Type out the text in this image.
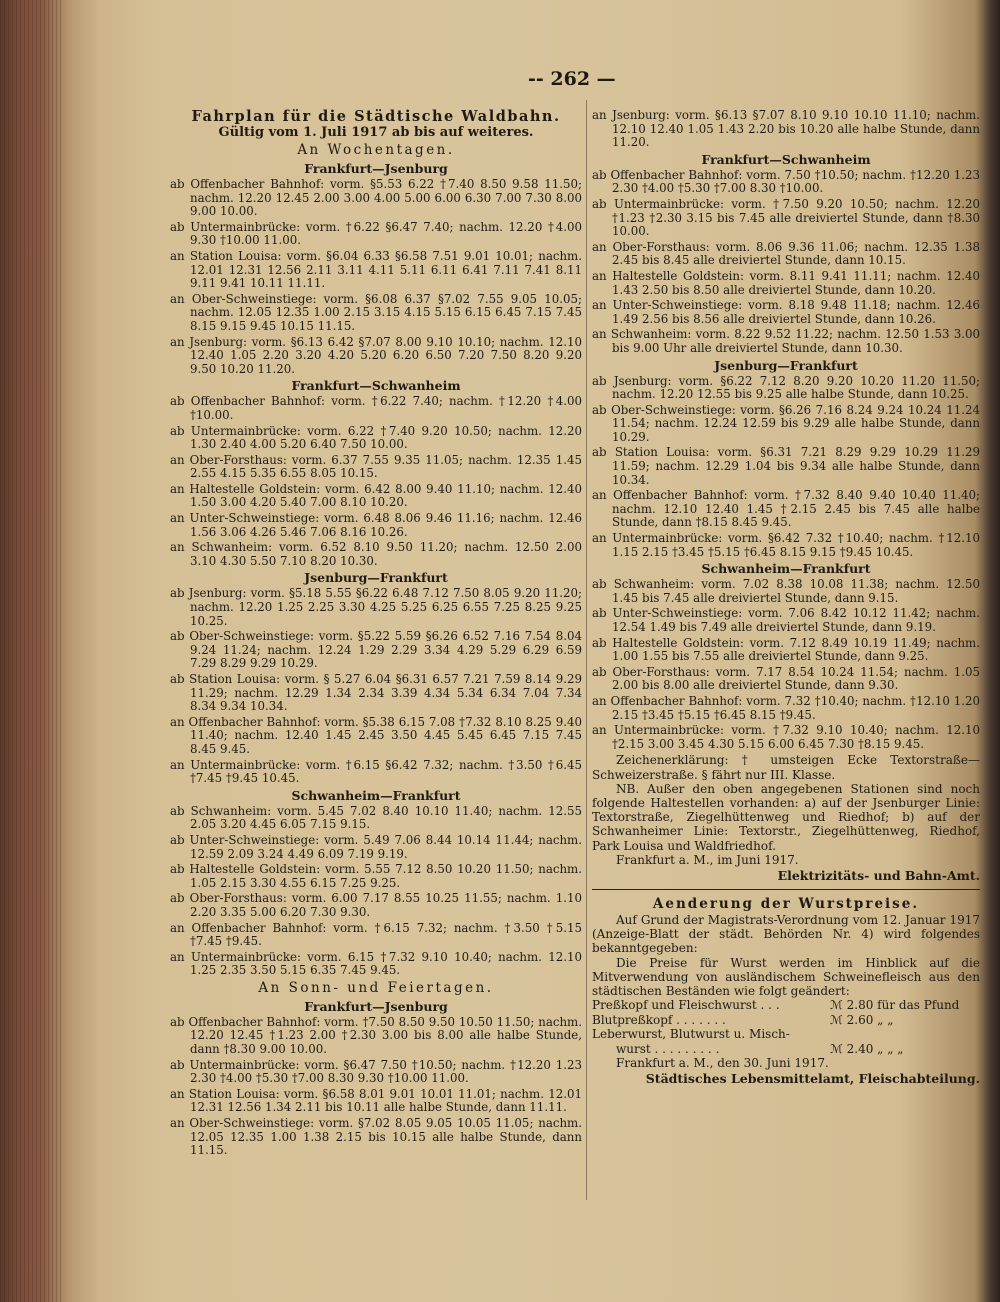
-- 262 —
Fahrplan für die Städtische Waldbahn.
Gültig vom 1. Juli 1917 ab bis auf weiteres.
An Wochentagen.
Frankfurt—Jsenburg

ab Offenbacher Bahnhof: vorm. §5.53 6.22 †7.40 8.50 9.58 11.50; nachm. 12.20 12.45 2.00 3.00 4.00 5.00 6.00 6.30 7.00 7.30 8.00 9.00 10.00.

ab Untermainbrücke: vorm. †6.22 §6.47 7.40; nachm. 12.20 †4.00 9.30 †10.00 11.00.

an Station Louisa: vorm. §6.04 6.33 §6.58 7.51 9.01 10.01; nachm. 12.01 12.31 12.56 2.11 3.11 4.11 5.11 6.11 6.41 7.11 7.41 8.11 9.11 9.41 10.11 11.11.

an Ober-Schweinstiege: vorm. §6.08 6.37 §7.02 7.55 9.05 10.05; nachm. 12.05 12.35 1.00 2.15 3.15 4.15 5.15 6.15 6.45 7.15 7.45 8.15 9.15 9.45 10.15 11.15.

an Jsenburg: vorm. §6.13 6.42 §7.07 8.00 9.10 10.10; nachm. 12.10 12.40 1.05 2.20 3.20 4.20 5.20 6.20 6.50 7.20 7.50 8.20 9.20 9.50 10.20 11.20.

Frankfurt—Schwanheim

ab Offenbacher Bahnhof: vorm. †6.22 7.40; nachm. †12.20 †4.00 †10.00.

ab Untermainbrücke: vorm. 6.22 †7.40 9.20 10.50; nachm. 12.20 1.30 2.40 4.00 5.20 6.40 7.50 10.00.

an Ober-Forsthaus: vorm. 6.37 7.55 9.35 11.05; nachm. 12.35 1.45 2.55 4.15 5.35 6.55 8.05 10.15.

an Haltestelle Goldstein: vorm. 6.42 8.00 9.40 11.10; nachm. 12.40 1.50 3.00 4.20 5.40 7.00 8.10 10.20.

an Unter-Schweinstiege: vorm. 6.48 8.06 9.46 11.16; nachm. 12.46 1.56 3.06 4.26 5.46 7.06 8.16 10.26.

an Schwanheim: vorm. 6.52 8.10 9.50 11.20; nachm. 12.50 2.00 3.10 4.30 5.50 7.10 8.20 10.30.

Jsenburg—Frankfurt

ab Jsenburg: vorm. §5.18 5.55 §6.22 6.48 7.12 7.50 8.05 9.20 11.20; nachm. 12.20 1.25 2.25 3.30 4.25 5.25 6.25 6.55 7.25 8.25 9.25 10.25.

ab Ober-Schweinstiege: vorm. §5.22 5.59 §6.26 6.52 7.16 7.54 8.04 9.24 11.24; nachm. 12.24 1.29 2.29 3.34 4.29 5.29 6.29 6.59 7.29 8.29 9.29 10.29.

ab Station Louisa: vorm. § 5.27 6.04 §6.31 6.57 7.21 7.59 8.14 9.29 11.29; nachm. 12.29 1.34 2.34 3.39 4.34 5.34 6.34 7.04 7.34 8.34 9.34 10.34.

an Offenbacher Bahnhof: vorm. §5.38 6.15 7.08 †7.32 8.10 8.25 9.40 11.40; nachm. 12.40 1.45 2.45 3.50 4.45 5.45 6.45 7.15 7.45 8.45 9.45.

an Untermainbrücke: vorm. †6.15 §6.42 7.32; nachm. †3.50 †6.45 †7.45 †9.45 10.45.

Schwanheim—Frankfurt

ab Schwanheim: vorm. 5.45 7.02 8.40 10.10 11.40; nachm. 12.55 2.05 3.20 4.45 6.05 7.15 9.15.

ab Unter-Schweinstiege: vorm. 5.49 7.06 8.44 10.14 11.44; nachm. 12.59 2.09 3.24 4.49 6.09 7.19 9.19.

ab Haltestelle Goldstein: vorm. 5.55 7.12 8.50 10.20 11.50; nachm. 1.05 2.15 3.30 4.55 6.15 7.25 9.25.

ab Ober-Forsthaus: vorm. 6.00 7.17 8.55 10.25 11.55; nachm. 1.10 2.20 3.35 5.00 6.20 7.30 9.30.

an Offenbacher Bahnhof: vorm. †6.15 7.32; nachm. †3.50 †5.15 †7.45 †9.45.

an Untermainbrücke: vorm. 6.15 †7.32 9.10 10.40; nachm. 12.10 1.25 2.35 3.50 5.15 6.35 7.45 9.45.

An Sonn- und Feiertagen.
Frankfurt—Jsenburg

ab Offenbacher Bahnhof: vorm. †7.50 8.50 9.50 10.50 11.50; nachm. 12.20 12.45 †1.23 2.00 †2.30 3.00 bis 8.00 alle halbe Stunde, dann †8.30 9.00 10.00.

ab Untermainbrücke: vorm. §6.47 7.50 †10.50; nachm. †12.20 1.23 2.30 †4.00 †5.30 †7.00 8.30 9.30 †10.00 11.00.

an Station Louisa: vorm. §6.58 8.01 9.01 10.01 11.01; nachm. 12.01 12.31 12.56 1.34 2.11 bis 10.11 alle halbe Stunde, dann 11.11.

an Ober-Schweinstiege: vorm. §7.02 8.05 9.05 10.05 11.05; nachm. 12.05 12.35 1.00 1.38 2.15 bis 10.15 alle halbe Stunde, dann 11.15.

an Jsenburg: vorm. §6.13 §7.07 8.10 9.10 10.10 11.10; nachm. 12.10 12.40 1.05 1.43 2.20 bis 10.20 alle halbe Stunde, dann 11.20.

Frankfurt—Schwanheim

ab Offenbacher Bahnhof: vorm. 7.50 †10.50; nachm. †12.20 1.23 2.30 †4.00 †5.30 †7.00 8.30 †10.00.

ab Untermainbrücke: vorm. †7.50 9.20 10.50; nachm. 12.20 †1.23 †2.30 3.15 bis 7.45 alle dreiviertel Stunde, dann †8.30 10.00.

an Ober-Forsthaus: vorm. 8.06 9.36 11.06; nachm. 12.35 1.38 2.45 bis 8.45 alle dreiviertel Stunde, dann 10.15.

an Haltestelle Goldstein: vorm. 8.11 9.41 11.11; nachm. 12.40 1.43 2.50 bis 8.50 alle dreiviertel Stunde, dann 10.20.

an Unter-Schweinstiege: vorm. 8.18 9.48 11.18; nachm. 12.46 1.49 2.56 bis 8.56 alle dreiviertel Stunde, dann 10.26.

an Schwanheim: vorm. 8.22 9.52 11.22; nachm. 12.50 1.53 3.00 bis 9.00 Uhr alle dreiviertel Stunde, dann 10.30.

Jsenburg—Frankfurt

ab Jsenburg: vorm. §6.22 7.12 8.20 9.20 10.20 11.20 11.50; nachm. 12.20 12.55 bis 9.25 alle halbe Stunde, dann 10.25.

ab Ober-Schweinstiege: vorm. §6.26 7.16 8.24 9.24 10.24 11.24 11.54; nachm. 12.24 12.59 bis 9.29 alle halbe Stunde, dann 10.29.

ab Station Louisa: vorm. §6.31 7.21 8.29 9.29 10.29 11.29 11.59; nachm. 12.29 1.04 bis 9.34 alle halbe Stunde, dann 10.34.

an Offenbacher Bahnhof: vorm. †7.32 8.40 9.40 10.40 11.40; nachm. 12.10 12.40 1.45 †2.15 2.45 bis 7.45 alle halbe Stunde, dann †8.15 8.45 9.45.

an Untermainbrücke: vorm. §6.42 7.32 †10.40; nachm. †12.10 1.15 2.15 †3.45 †5.15 †6.45 8.15 9.15 †9.45 10.45.

Schwanheim—Frankfurt

ab Schwanheim: vorm. 7.02 8.38 10.08 11.38; nachm. 12.50 1.45 bis 7.45 alle dreiviertel Stunde, dann 9.15.

ab Unter-Schweinstiege: vorm. 7.06 8.42 10.12 11.42; nachm. 12.54 1.49 bis 7.49 alle dreiviertel Stunde, dann 9.19.

ab Haltestelle Goldstein: vorm. 7.12 8.49 10.19 11.49; nachm. 1.00 1.55 bis 7.55 alle dreiviertel Stunde, dann 9.25.

ab Ober-Forsthaus: vorm. 7.17 8.54 10.24 11.54; nachm. 1.05 2.00 bis 8.00 alle dreiviertel Stunde, dann 9.30.

an Offenbacher Bahnhof: vorm. 7.32 †10.40; nachm. †12.10 1.20 2.15 †3.45 †5.15 †6.45 8.15 †9.45.

an Untermainbrücke: vorm. †7.32 9.10 10.40; nachm. 12.10 †2.15 3.00 3.45 4.30 5.15 6.00 6.45 7.30 †8.15 9.45.

Zeichenerklärung: † umsteigen Ecke Textorstraße—Schweizerstraße. § fährt nur III. Klasse.

NB. Außer den oben angegebenen Stationen sind noch folgende Haltestellen vorhanden: a) auf der Jsenburger Linie: Textorstraße, Ziegelhüttenweg und Riedhof; b) auf der Schwanheimer Linie: Textorstr., Ziegelhüttenweg, Riedhof, Park Louisa und Waldfriedhof.

Frankfurt a. M., im Juni 1917.

Elektrizitäts- und Bahn-Amt.
Aenderung der Wurstpreise.

Auf Grund der Magistrats-Verordnung vom 12. Januar 1917 (Anzeige-Blatt der städt. Behörden Nr. 4) wird folgendes bekanntgegeben:

Die Preise für Wurst werden im Hinblick auf die Mitverwendung von ausländischem Schweinefleisch aus den städtischen Beständen wie folgt geändert:

Preßkopf und Fleischwurst . . .	ℳ 2.80 für das Pfund
Blutpreßkopf . . . . . . .	ℳ 2.60 „ „
Leberwurst, Blutwurst u. Misch-
wurst . . . . . . . . .	ℳ 2.40 „ „ „

Frankfurt a. M., den 30. Juni 1917.

Städtisches Lebensmittelamt, Fleischabteilung.
